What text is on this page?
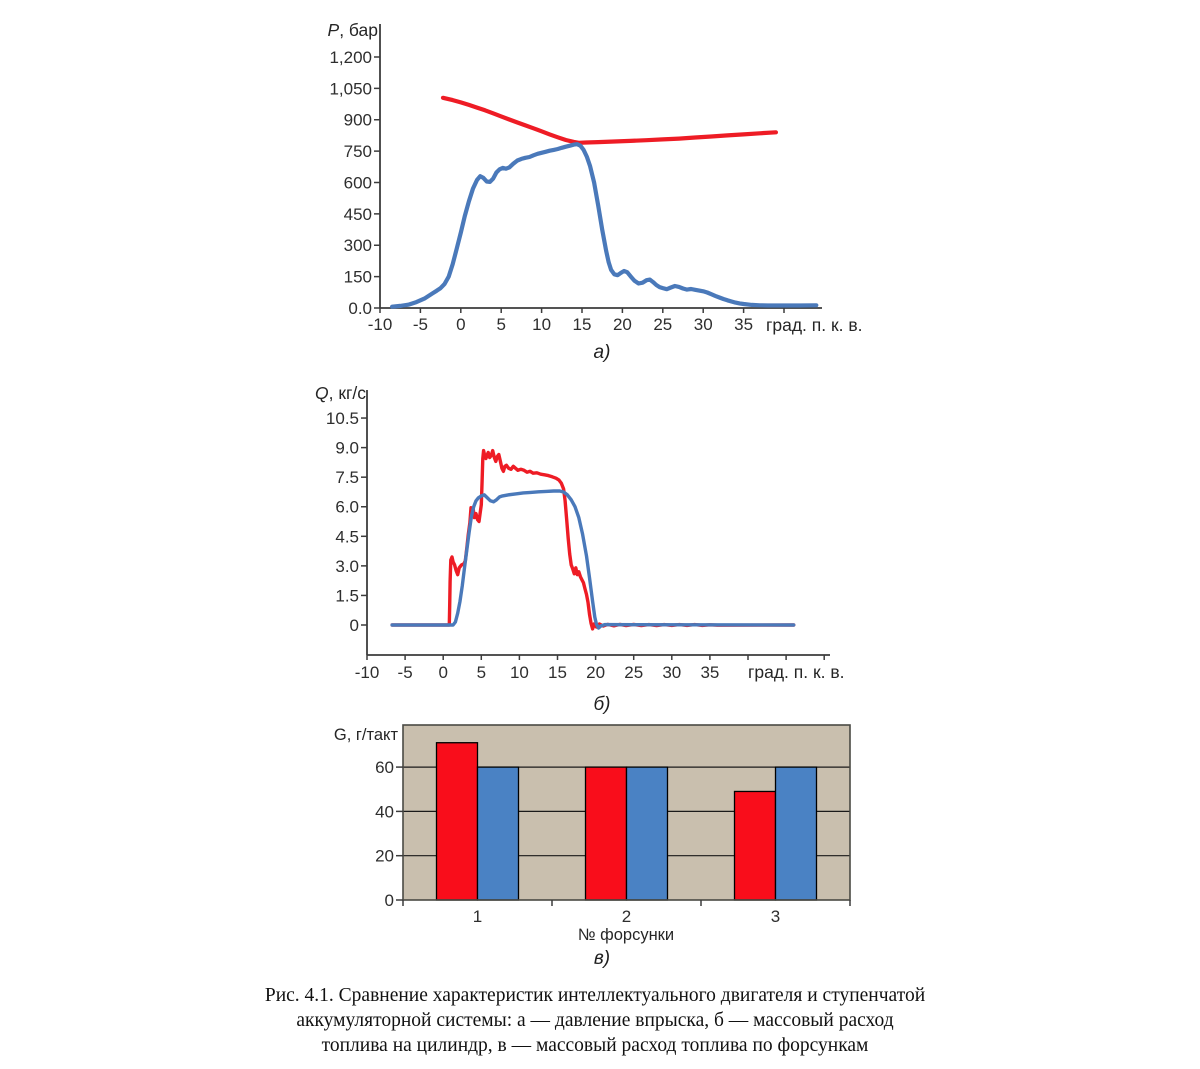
0.0
150
300
450
600
750
900
1,050
1,200
-10 -5 0 5 10 15 20 25 30 35
0
1.5
3.0
4.5
6.0
7.5
9.0
10.5
-10 -5 0 5 10 15 20 25 30 35
1	2	3
0
20
40
60
P, бар
град. п. к. в.
а)
Q, кг/с
град. п. к. в.
б)
G, г/такт
№ форсунки
в)
Рис. 4.1. Сравнение характеристик интеллектуального двигателя и ступенчатой
аккумуляторной системы: а — давление впрыска, б — массовый расход
топлива на цилиндр, в — массовый расход топлива по форсункам
